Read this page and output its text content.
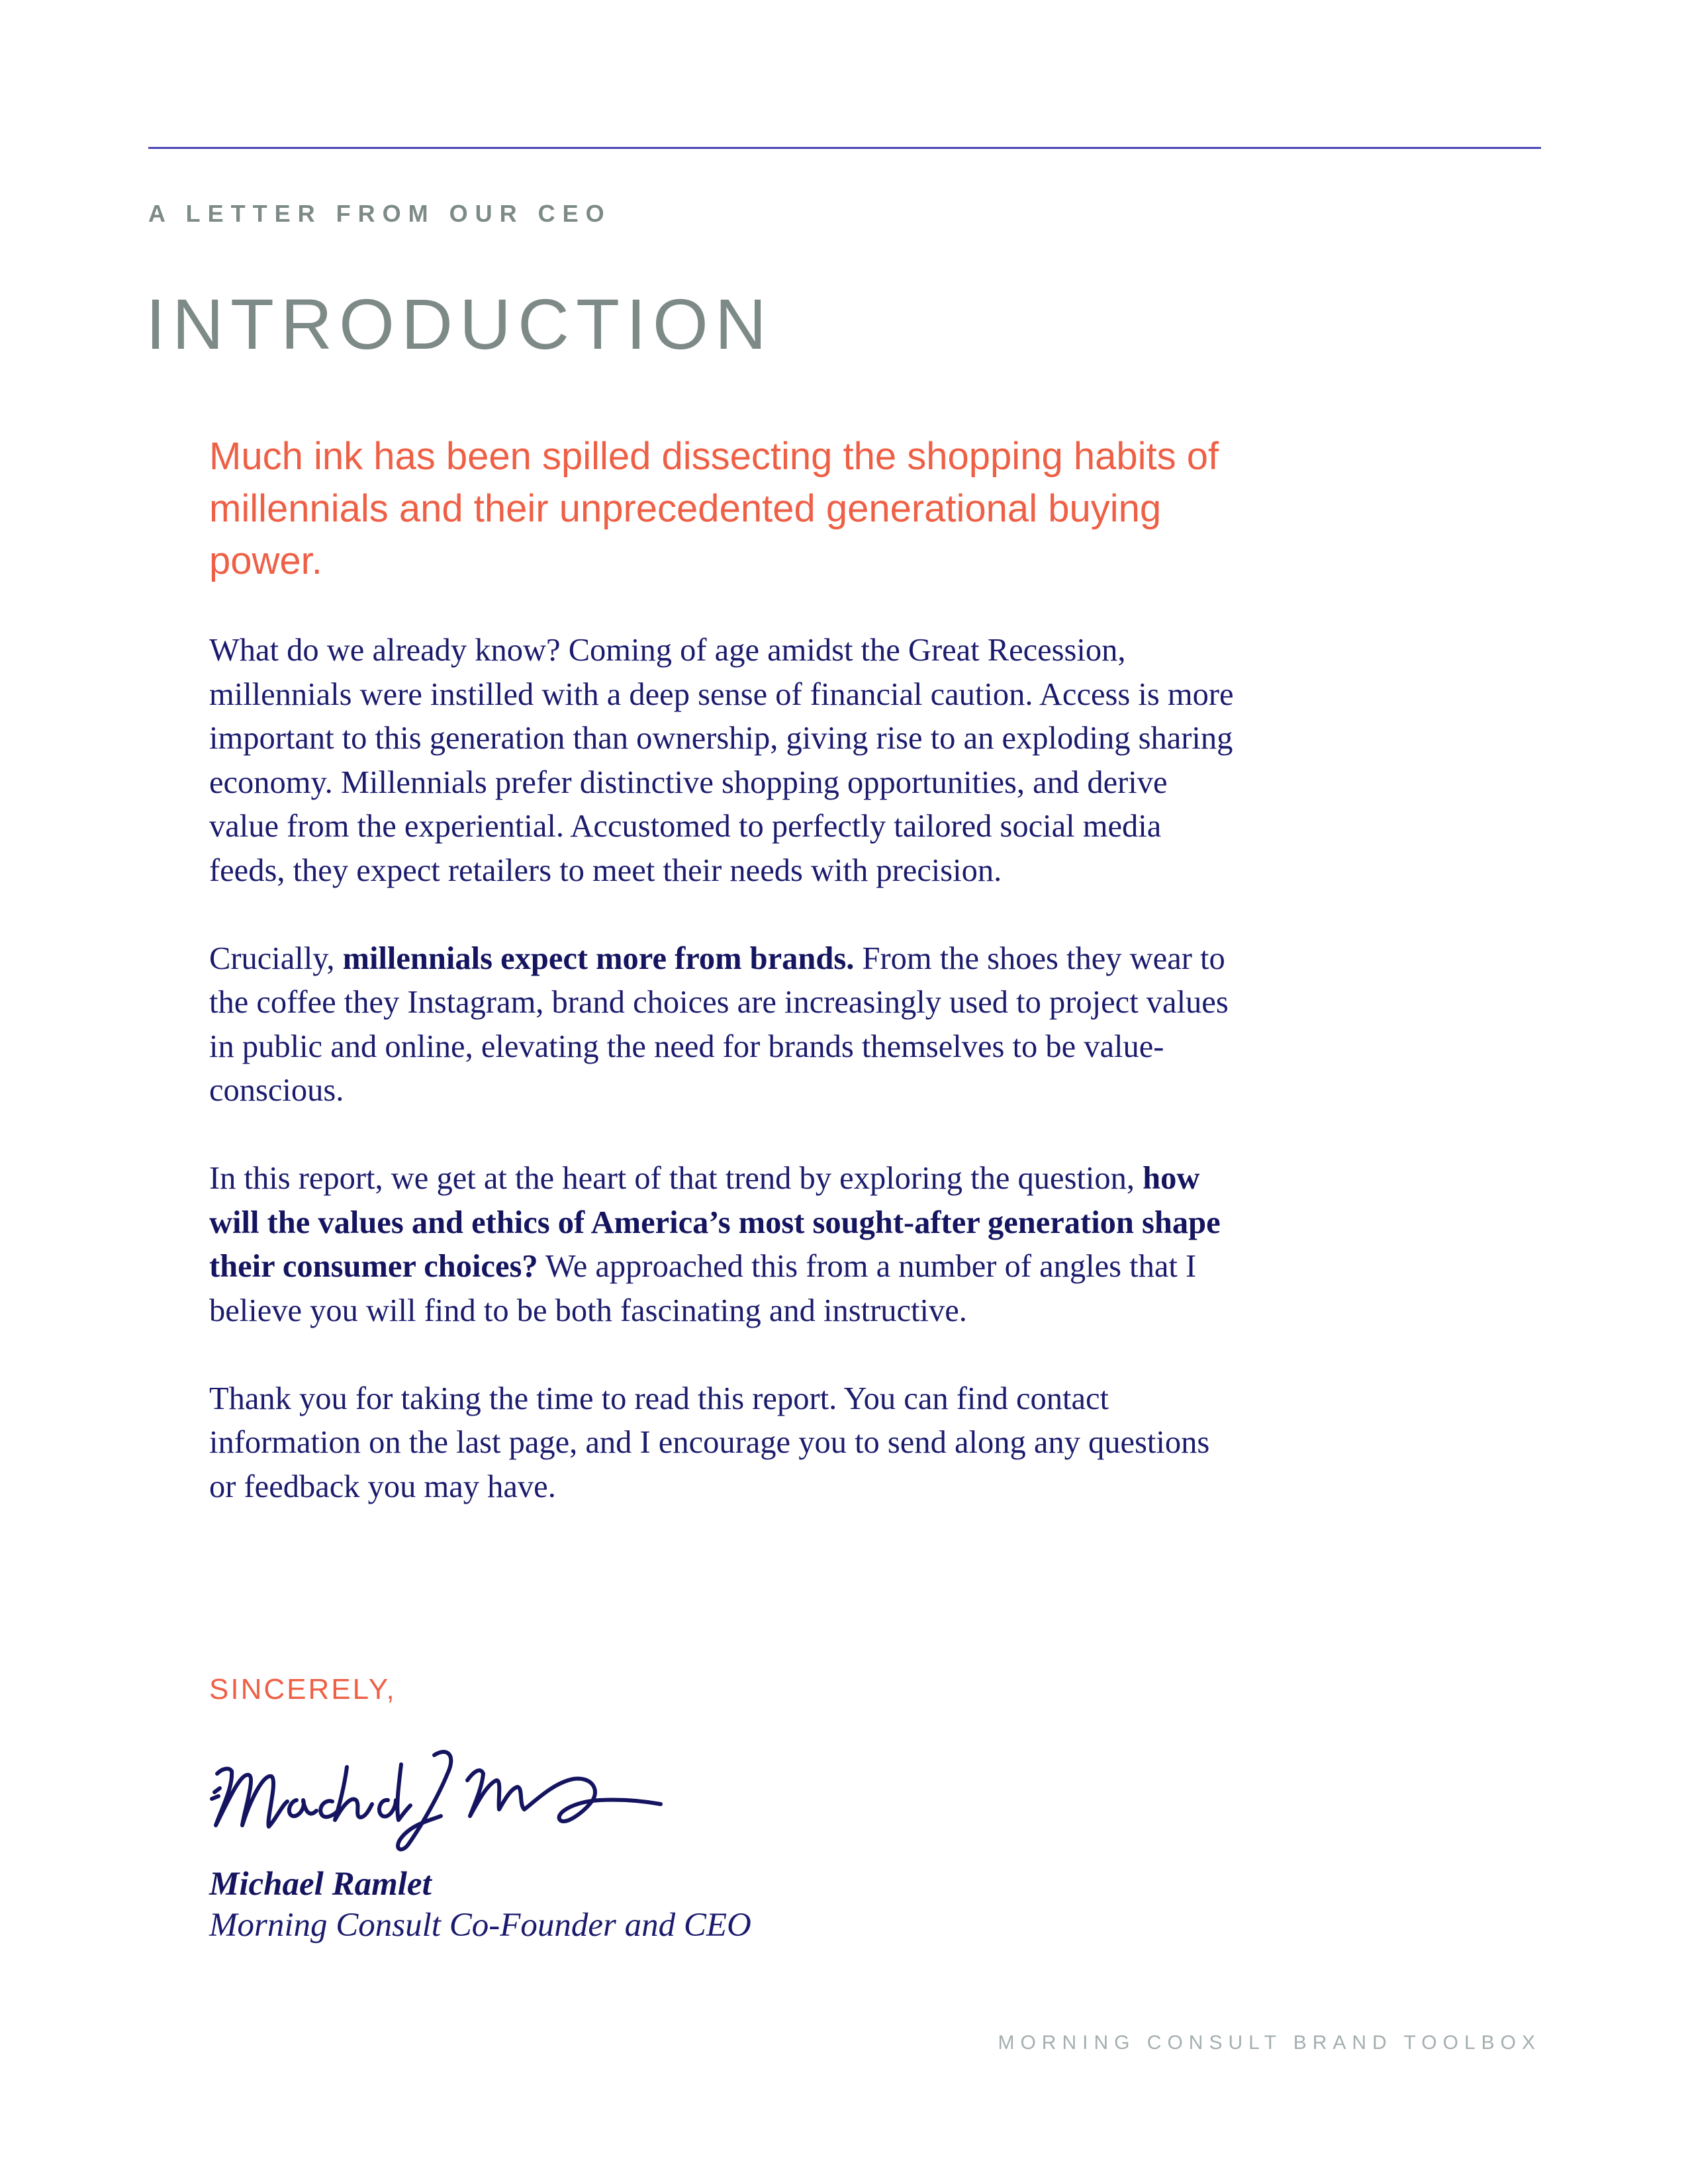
A LETTER FROM OUR CEO
INTRODUCTION

Much ink has been spilled dissecting the shopping habits of millennials and their unprecedented generational buying power.

What do we already know? Coming of age amidst the Great Recession, millennials were instilled with a deep sense of financial caution. Access is more important to this generation than ownership, giving rise to an exploding sharing economy. Millennials prefer distinctive shopping opportunities, and derive value from the experiential. Accustomed to perfectly tailored social media feeds, they expect retailers to meet their needs with precision.

Crucially, millennials expect more from brands. From the shoes they wear to the coffee they Instagram, brand choices are increasingly used to project values in public and online, elevating the need for brands themselves to be value-conscious.

In this report, we get at the heart of that trend by exploring the question, how will the values and ethics of America’s most sought-after generation shape their consumer choices? We approached this from a number of angles that I believe you will find to be both fascinating and instructive.

Thank you for taking the time to read this report. You can find contact information on the last page, and I encourage you to send along any questions or feedback you may have.

SINCERELY,
Michael Ramlet
Morning Consult Co-Founder and CEO
MORNING CONSULT BRAND TOOLBOX
